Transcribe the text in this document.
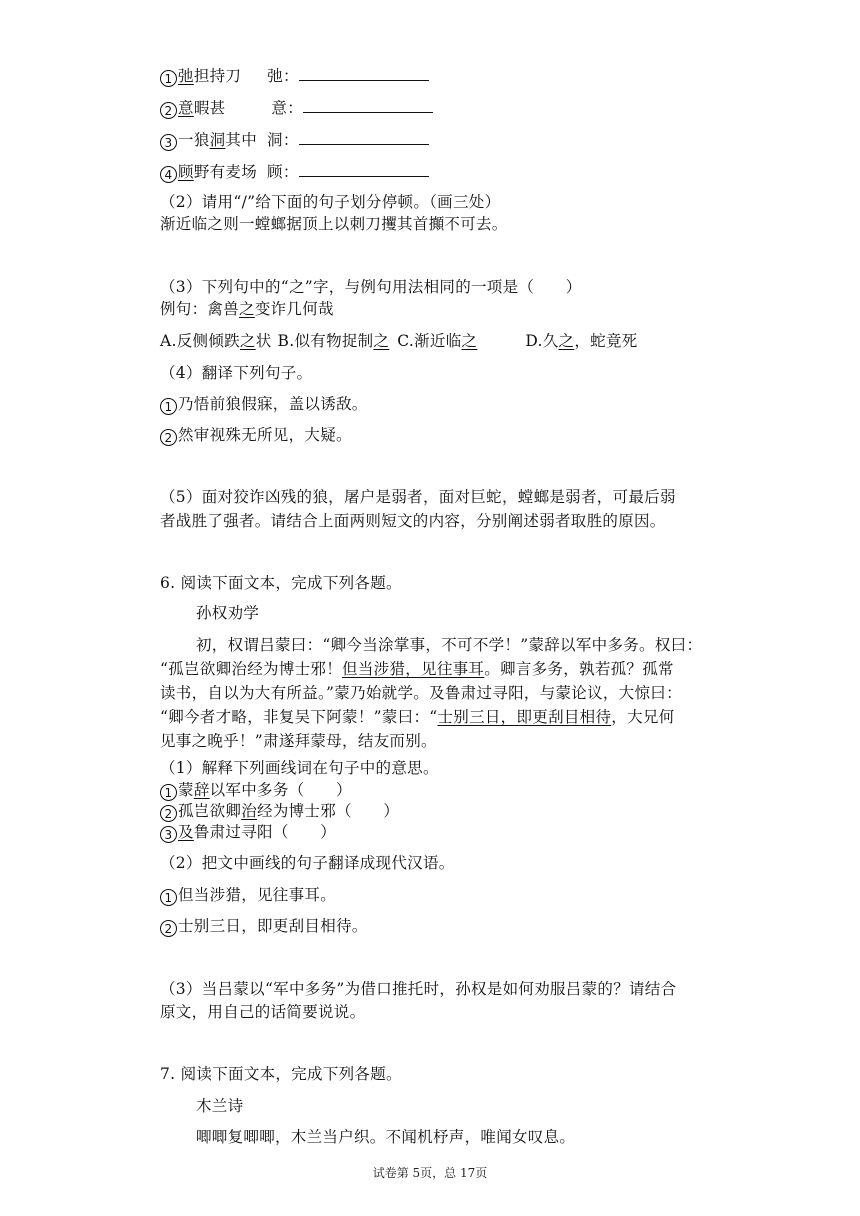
1 弛担持刀 弛：
2 意暇甚	意：
3 一狼洞其中 洞：
4 顾野有麦场 顾：
（2）请用“/”给下面的句子划分停顿。（画三处）
渐近临之则一螳螂据顶上以刺刀攫其首攧不可去。
（3）下列句中的“之”字，与例句用法相同的一项是（　　）
例句：禽兽之变诈几何哉
A.反侧倾跌之状 B.似有物捉制之 C.渐近临之	D.久之，蛇竟死
（4）翻译下列句子。
1 乃悟前狼假寐，盖以诱敌。
2 然审视殊无所见，大疑。
（5）面对狡诈凶残的狼，屠户是弱者，面对巨蛇，螳螂是弱者，可最后弱
者战胜了强者。请结合上面两则短文的内容，分别阐述弱者取胜的原因。
6. 阅读下面文本，完成下列各题。
孙权劝学
初，权谓吕蒙曰：“卿今当涂掌事，不可不学！”蒙辞以军中多务。权曰：
“孤岂欲卿治经为博士邪！但当涉猎，见往事耳。卿言多务，孰若孤？孤常
读书，自以为大有所益。”蒙乃始就学。及鲁肃过寻阳，与蒙论议，大惊曰：
“卿今者才略，非复吴下阿蒙！”蒙曰：“士别三日，即更刮目相待，大兄何
见事之晚乎！”肃遂拜蒙母，结友而别。
（1）解释下列画线词在句子中的意思。
1 蒙辞以军中多务（　　）
2 孤岂欲卿治经为博士邪（　　）
3 及鲁肃过寻阳（　　）
（2）把文中画线的句子翻译成现代汉语。
1 但当涉猎，见往事耳。
2 士别三日，即更刮目相待。
（3）当吕蒙以“军中多务”为借口推托时，孙权是如何劝服吕蒙的？请结合
原文，用自己的话简要说说。
7. 阅读下面文本，完成下列各题。
木兰诗
唧唧复唧唧，木兰当户织。不闻机杼声，唯闻女叹息。
试卷第 5页，总 17页
